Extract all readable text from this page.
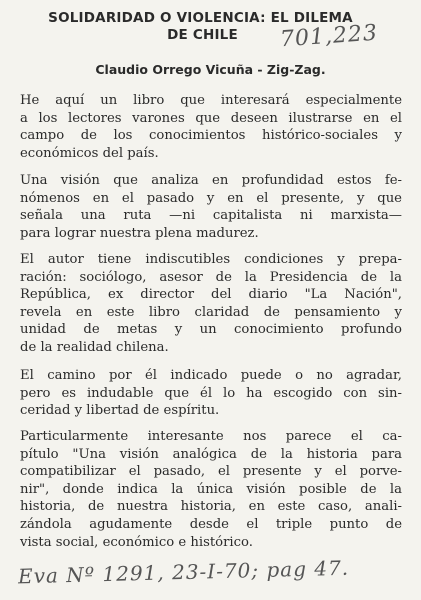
SOLIDARIDAD O VIOLENCIA: EL DILEMA
DE CHILE	701,223
Claudio Orrego Vicuña - Zig-Zag.

He aquí un libro que interesará especialmente
a los lectores varones que deseen ilustrarse en el
campo de los conocimientos histórico-sociales y
económicos del país.

Una visión que analiza en profundidad estos fe-
nómenos en el pasado y en el presente, y que
señala una ruta —ni capitalista ni marxista—
para lograr nuestra plena madurez.

El autor tiene indiscutibles condiciones y prepa-
ración: sociólogo, asesor de la Presidencia de la
República, ex director del diario "La Nación",
revela en este libro claridad de pensamiento y
unidad de metas y un conocimiento profundo
de la realidad chilena.

El camino por él indicado puede o no agradar,
pero es indudable que él lo ha escogido con sin-
ceridad y libertad de espíritu.

Particularmente interesante nos parece el ca-
pítulo "Una visión analógica de la historia para
compatibilizar el pasado, el presente y el porve-
nir", donde indica la única visión posible de la
historia, de nuestra historia, en este caso, anali-
zándola agudamente desde el triple punto de
vista social, económico e histórico.

Eva Nº 1291, 23-I-70; pag 47.
